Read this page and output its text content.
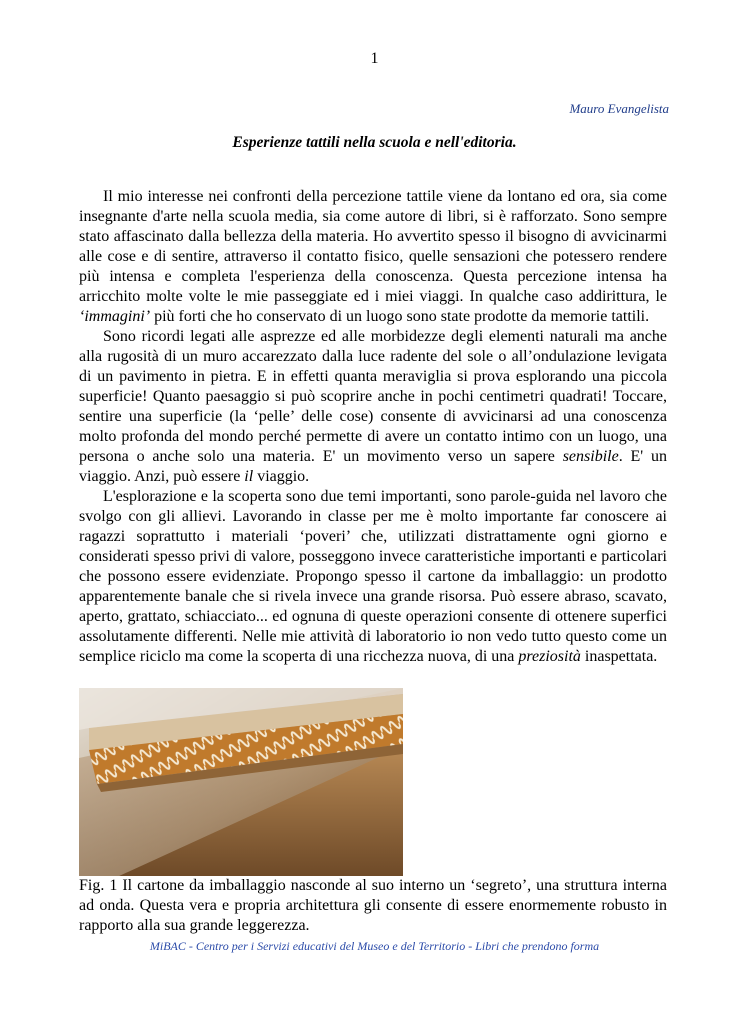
1
Mauro Evangelista
Esperienze tattili nella scuola e nell'editoria.

Il mio interesse nei confronti della percezione tattile viene da lontano ed ora, sia come insegnante d'arte nella scuola media, sia come autore di libri, si è rafforzato. Sono sempre stato affascinato dalla bellezza della materia. Ho avvertito spesso il bisogno di avvicinarmi alle cose e di sentire, attraverso il contatto fisico, quelle sensazioni che potessero rendere più intensa e completa l'esperienza della conoscenza. Questa percezione intensa ha arricchito molte volte le mie passeggiate ed i miei viaggi. In qualche caso addirittura, le ‘immagini’ più forti che ho conservato di un luogo sono state prodotte da memorie tattili.

Sono ricordi legati alle asprezze ed alle morbidezze degli elementi naturali ma anche alla rugosità di un muro accarezzato dalla luce radente del sole o all’ondulazione levigata di un pavimento in pietra. E in effetti quanta meraviglia si prova esplorando una piccola superficie! Quanto paesaggio si può scoprire anche in pochi centimetri quadrati! Toccare, sentire una superficie (la ‘pelle’ delle cose) consente di avvicinarsi ad una conoscenza molto profonda del mondo perché permette di avere un contatto intimo con un luogo, una persona o anche solo una materia. E' un movimento verso un sapere sensibile. E' un viaggio. Anzi, può essere il viaggio.

L'esplorazione e la scoperta sono due temi importanti, sono parole-guida nel lavoro che svolgo con gli allievi. Lavorando in classe per me è molto importante far conoscere ai ragazzi soprattutto i materiali ‘poveri’ che, utilizzati distrattamente ogni giorno e considerati spesso privi di valore, posseggono invece caratteristiche importanti e particolari che possono essere evidenziate. Propongo spesso il cartone da imballaggio: un prodotto apparentemente banale che si rivela invece una grande risorsa. Può essere abraso, scavato, aperto, grattato, schiacciato... ed ognuna di queste operazioni consente di ottenere superfici assolutamente differenti. Nelle mie attività di laboratorio io non vedo tutto questo come un semplice riciclo ma come la scoperta di una ricchezza nuova, di una preziosità inaspettata.

Fig. 1 Il cartone da imballaggio nasconde al suo interno un ‘segreto’, una struttura interna ad onda. Questa vera e propria architettura gli consente di essere enormemente robusto in rapporto alla sua grande leggerezza.
MiBAC - Centro per i Servizi educativi del Museo e del Territorio - Libri che prendono forma
